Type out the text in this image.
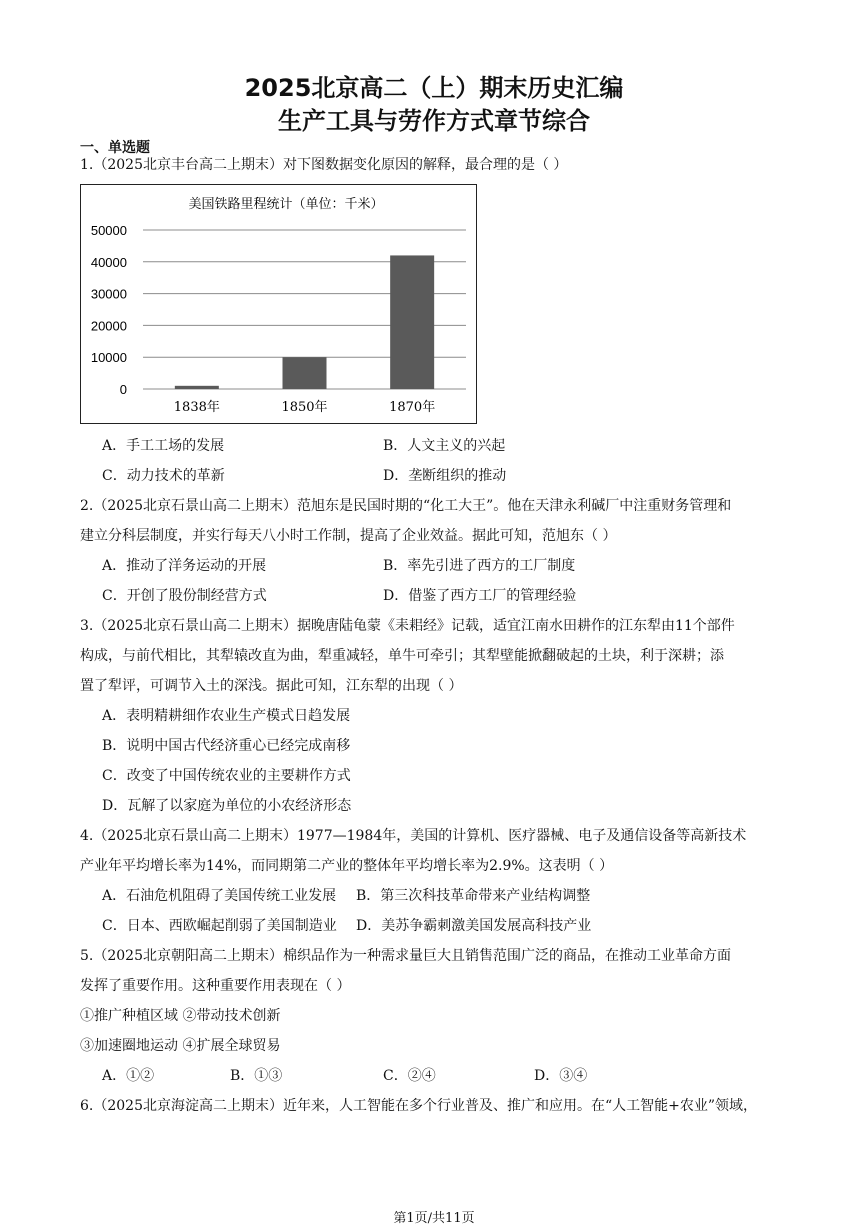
2025北京高二（上）期末历史汇编
生产工具与劳作方式章节综合
一、单选题
1.（2025北京丰台高二上期末）对下图数据变化原因的解释，最合理的是（ ）
美国铁路里程统计（单位：千米）
50000
40000
30000
20000
10000
0
1838年	1850年	1870年
A．手工工场的发展	B．人文主义的兴起
C．动力技术的革新	D．垄断组织的推动
2.（2025北京石景山高二上期末）范旭东是民国时期的“化工大王”。他在天津永利碱厂中注重财务管理和
建立分科层制度，并实行每天八小时工作制，提高了企业效益。据此可知，范旭东（ ）
A．推动了洋务运动的开展	B．率先引进了西方的工厂制度
C．开创了股份制经营方式	D．借鉴了西方工厂的管理经验
3.（2025北京石景山高二上期末）据晚唐陆龟蒙《耒耜经》记载，适宜江南水田耕作的江东犁由11个部件
构成，与前代相比，其犁辕改直为曲，犁重减轻，单牛可牵引；其犁壁能掀翻破起的土块，利于深耕；添
置了犁评，可调节入土的深浅。据此可知，江东犁的出现（ ）
A．表明精耕细作农业生产模式日趋发展
B．说明中国古代经济重心已经完成南移
C．改变了中国传统农业的主要耕作方式
D．瓦解了以家庭为单位的小农经济形态
4.（2025北京石景山高二上期末）1977—1984年，美国的计算机、医疗器械、电子及通信设备等高新技术
产业年平均增长率为14%，而同期第二产业的整体年平均增长率为2.9%。这表明（ ）
A．石油危机阻碍了美国传统工业发展 B．第三次科技革命带来产业结构调整
C．日本、西欧崛起削弱了美国制造业 D．美苏争霸刺激美国发展高科技产业
5.（2025北京朝阳高二上期末）棉织品作为一种需求量巨大且销售范围广泛的商品，在推动工业革命方面
发挥了重要作用。这种重要作用表现在（ ）
①推广种植区域 ②带动技术创新
③加速圈地运动 ④扩展全球贸易
A．①②	B．①③	C．②④	D．③④
6.（2025北京海淀高二上期末）近年来，人工智能在多个行业普及、推广和应用。在“人工智能+农业”领域，
第1页/共11页
